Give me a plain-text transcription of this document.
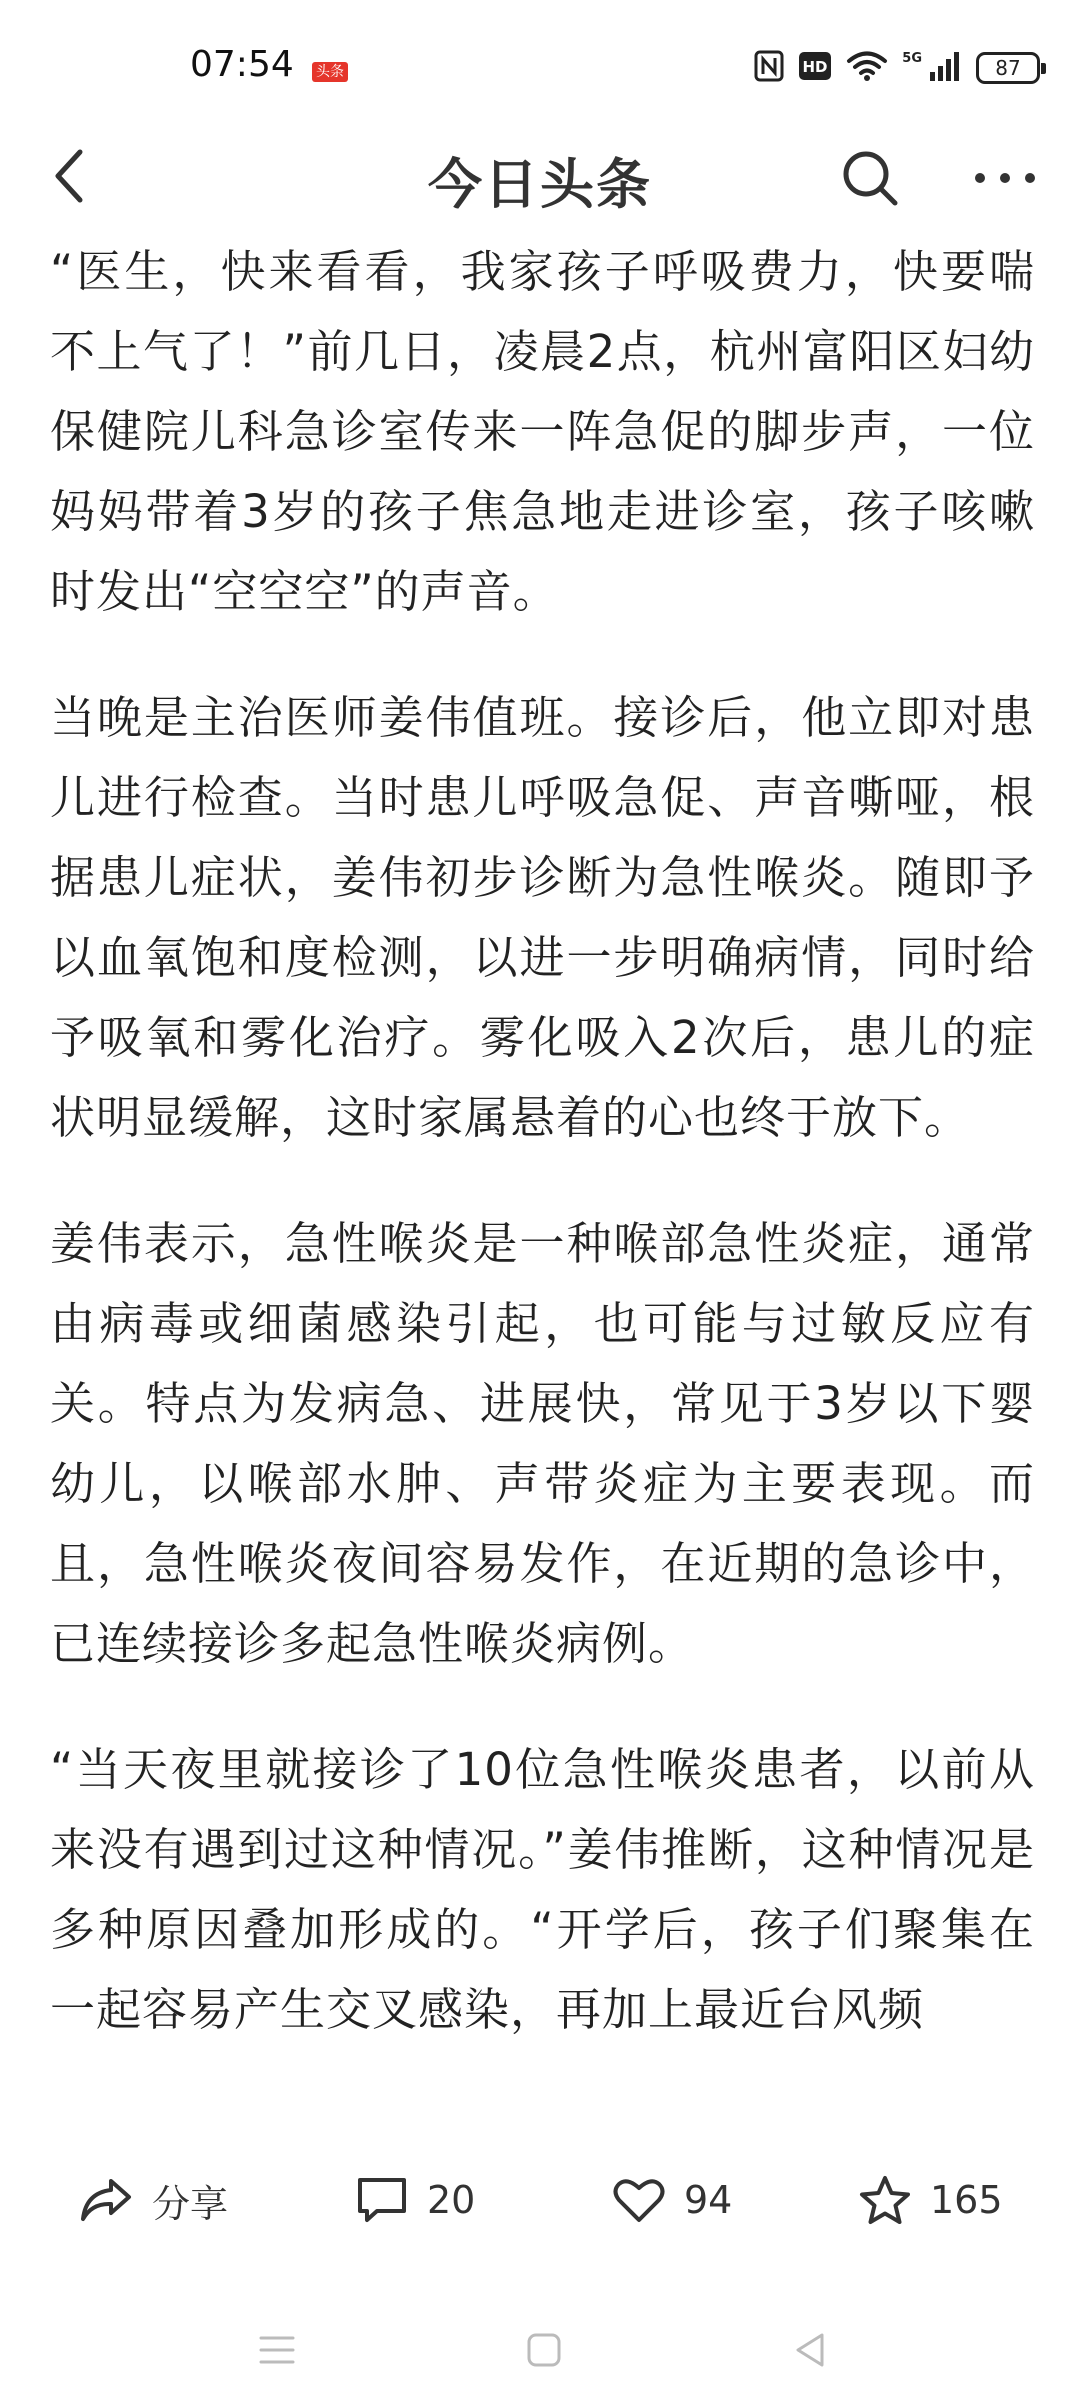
07:54 头条	HD	5G	87
今日头条

“医生，快来看看，我家孩子呼吸费力，快要喘不上气了！”前几日，凌晨2点，杭州富阳区妇幼保健院儿科急诊室传来一阵急促的脚步声，一位妈妈带着3岁的孩子焦急地走进诊室，孩子咳嗽时发出“空空空”的声音。

当晚是主治医师姜伟值班。接诊后，他立即对患儿进行检查。当时患儿呼吸急促、声音嘶哑，根据患儿症状，姜伟初步诊断为急性喉炎。随即予以血氧饱和度检测，以进一步明确病情，同时给予吸氧和雾化治疗。雾化吸入2次后，患儿的症状明显缓解，这时家属悬着的心也终于放下。

姜伟表示，急性喉炎是一种喉部急性炎症，通常由病毒或细菌感染引起，也可能与过敏反应有关。特点为发病急、进展快，常见于3岁以下婴幼儿，以喉部水肿、声带炎症为主要表现。而且，急性喉炎夜间容易发作，在近期的急诊中，已连续接诊多起急性喉炎病例。

“当天夜里就接诊了10位急性喉炎患者，以前从来没有遇到过这种情况。”姜伟推断，这种情况是多种原因叠加形成的。“开学后，孩子们聚集在一起容易产生交叉感染，再加上最近台风频

分享	20	94	165
